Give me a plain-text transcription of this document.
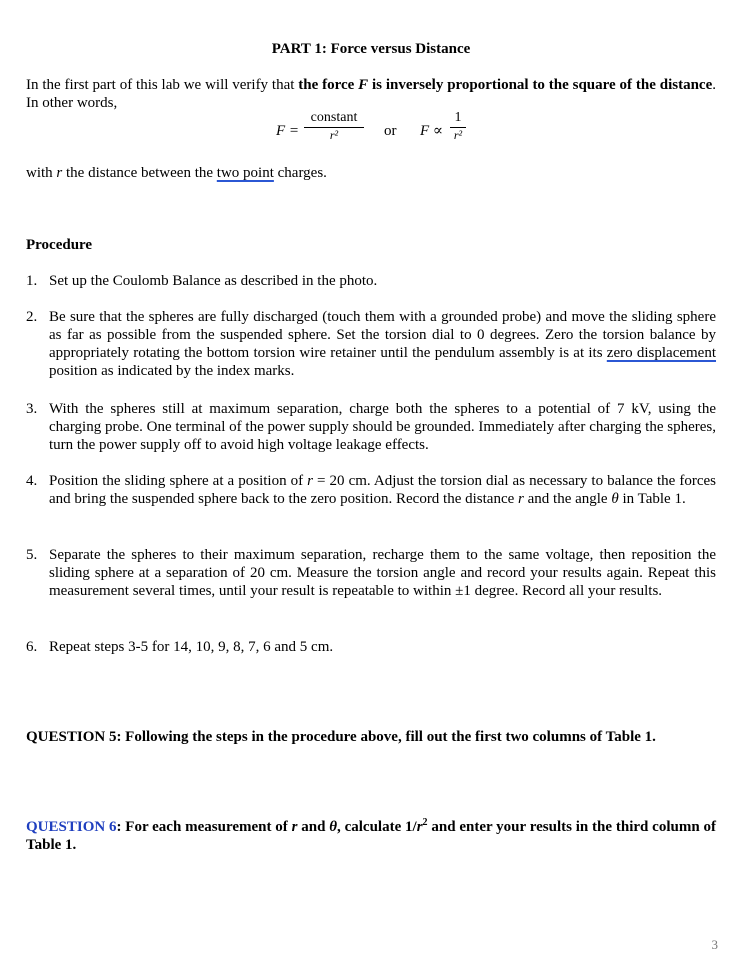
PART 1: Force versus Distance
In the first part of this lab we will verify that the force F is inversely proportional to the square of the distance. In other words,
F =
constant
r²	or F ∝
1
r²
with r the distance between the two point charges.
Procedure
1. Set up the Coulomb Balance as described in the photo.
2. Be sure that the spheres are fully discharged (touch them with a grounded probe) and move the sliding sphere as far as possible from the suspended sphere. Set the torsion dial to 0 degrees. Zero the torsion balance by appropriately rotating the bottom torsion wire retainer until the pendulum assembly is at its zero displacement position as indicated by the index marks.
3. With the spheres still at maximum separation, charge both the spheres to a potential of 7 kV, using the charging probe. One terminal of the power supply should be grounded. Immediately after charging the spheres, turn the power supply off to avoid high voltage leakage effects.
4. Position the sliding sphere at a position of r = 20 cm. Adjust the torsion dial as necessary to balance the forces and bring the suspended sphere back to the zero position. Record the distance r and the angle θ in Table 1.
5. Separate the spheres to their maximum separation, recharge them to the same voltage, then reposition the sliding sphere at a separation of 20 cm. Measure the torsion angle and record your results again. Repeat this measurement several times, until your result is repeatable to within ±1 degree. Record all your results.
6. Repeat steps 3-5 for 14, 10, 9, 8, 7, 6 and 5 cm.
QUESTION 5: Following the steps in the procedure above, fill out the first two columns of Table 1.
QUESTION 6: For each measurement of r and θ, calculate $1/r^2$ and enter your results in the third column of Table 1.
3
